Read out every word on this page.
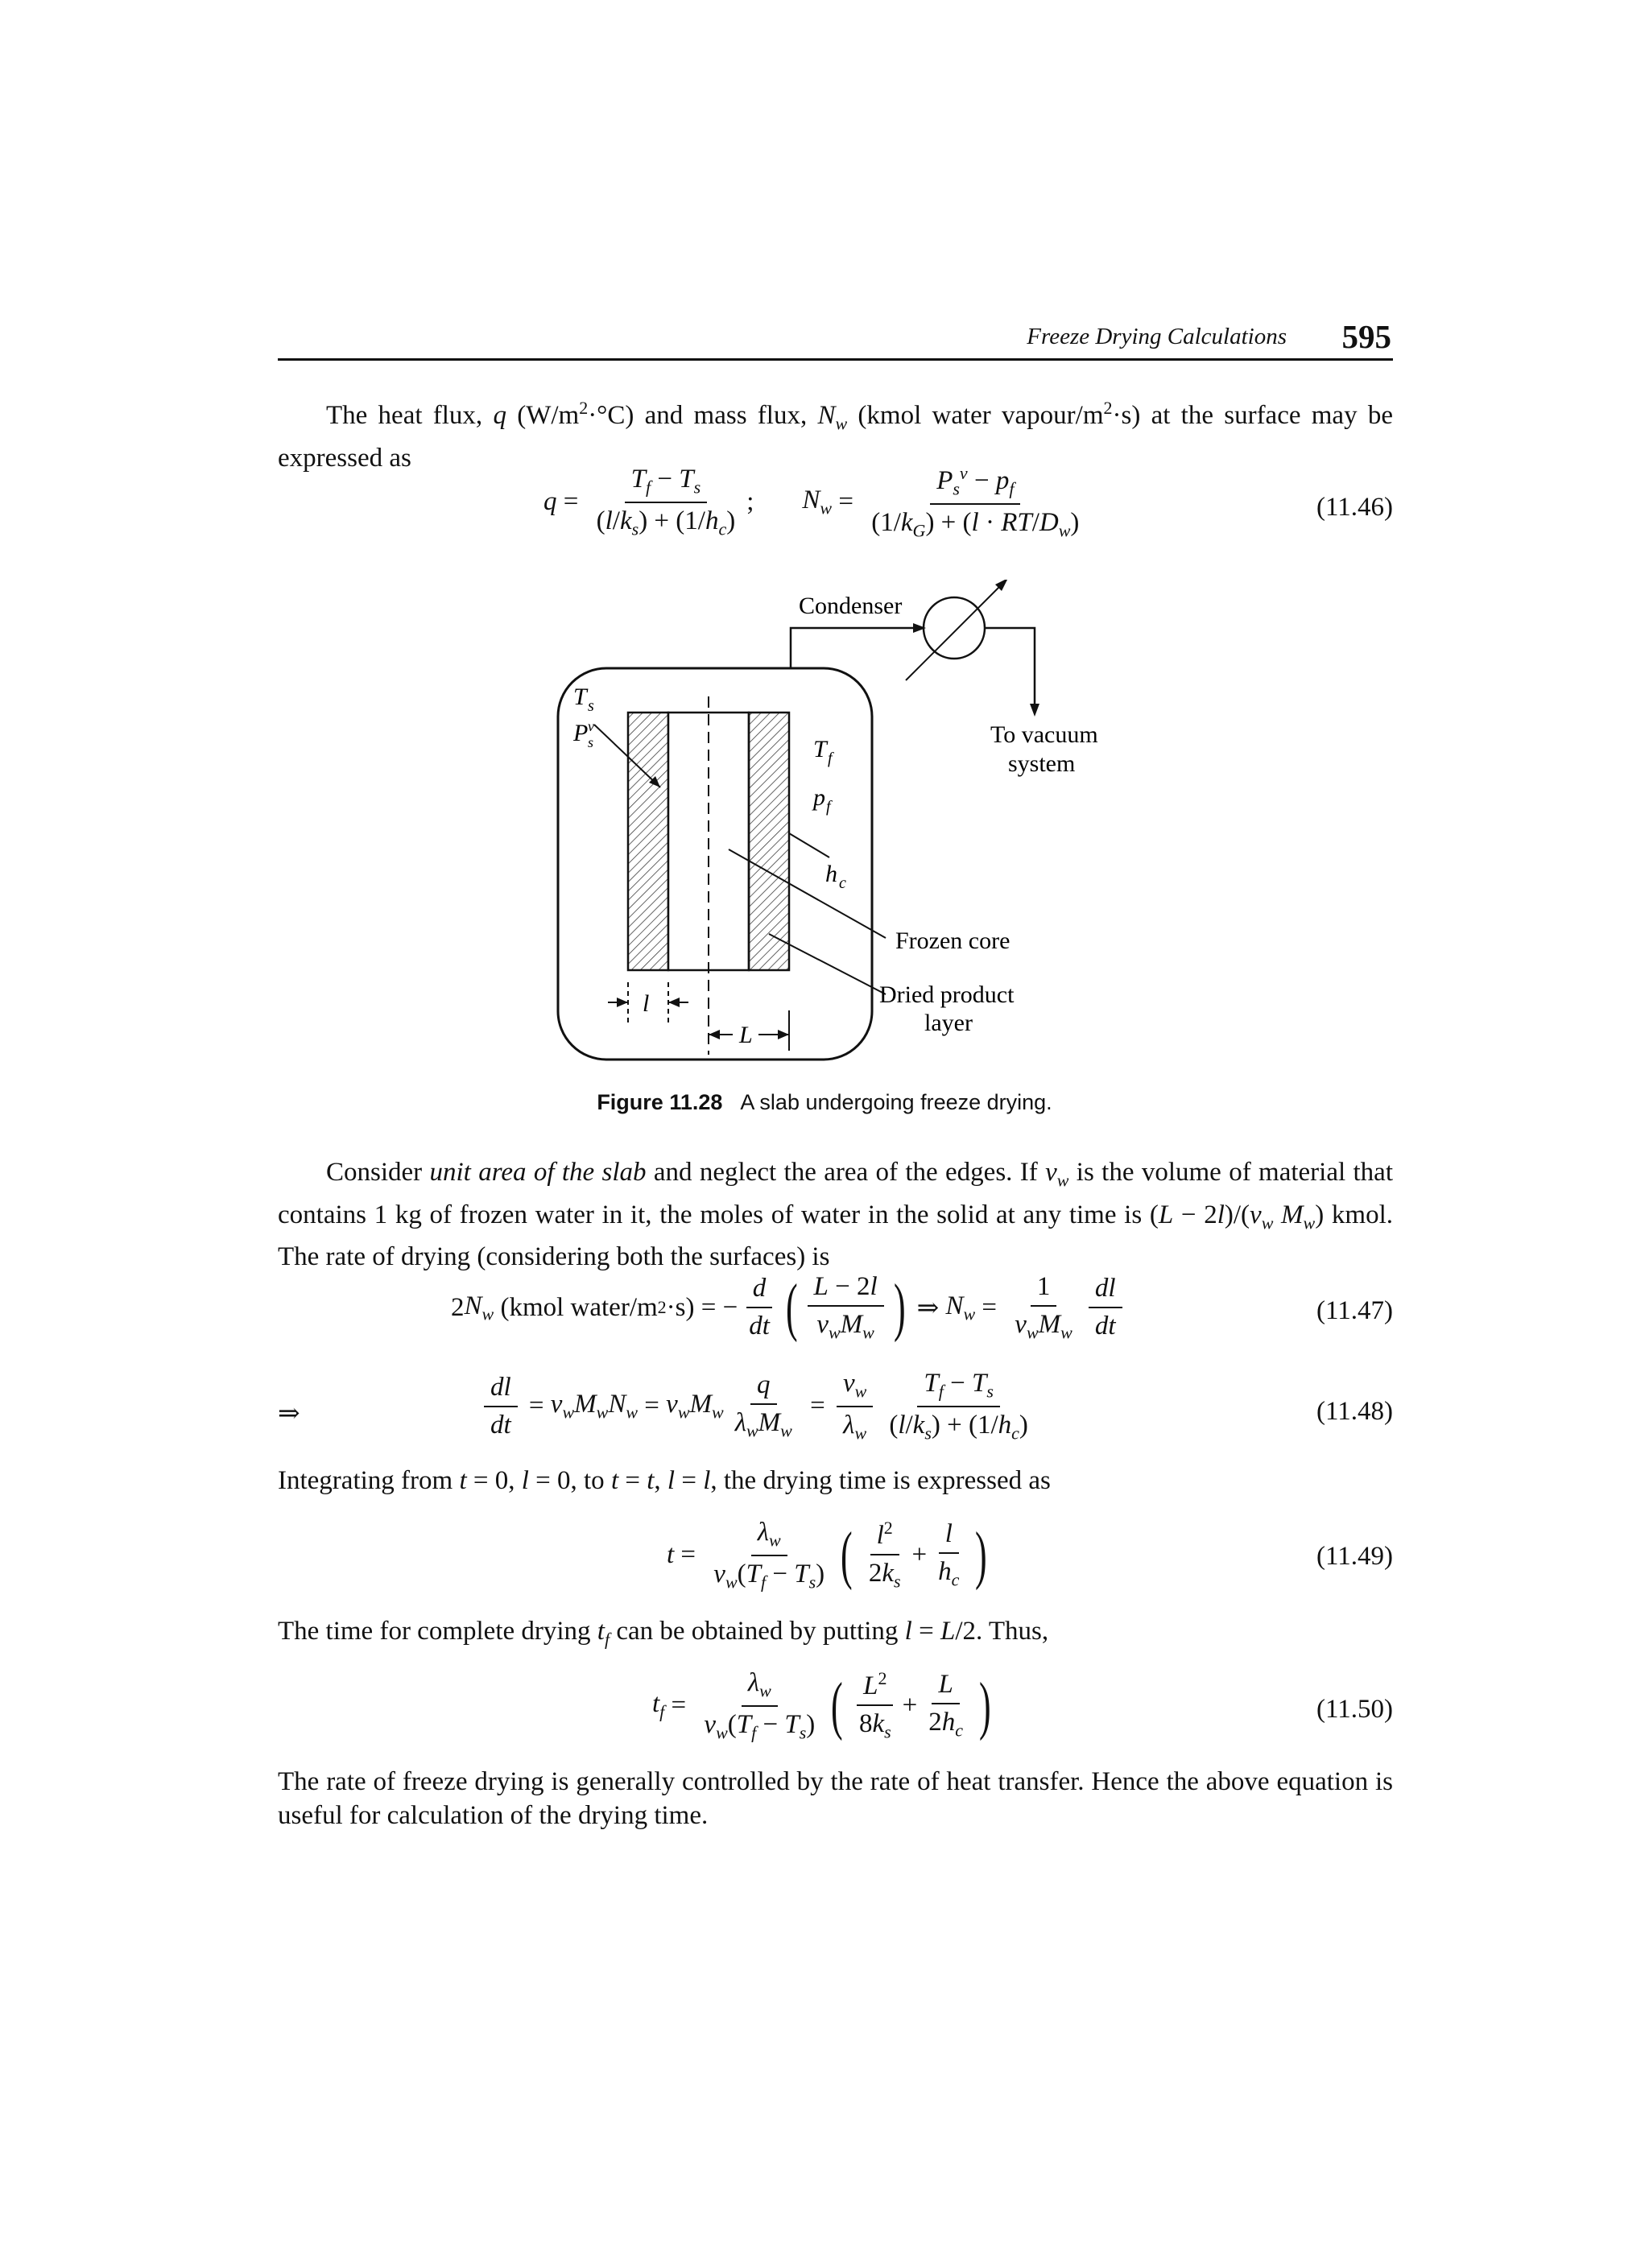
Freeze Drying Calculations 595
The heat flux, q $(W/m^2\cdot^\circ C)$ and mass flux, $N_w$ (kmol water vapour/$m^2\cdot s$) at the surface may be expressed as
$q = \frac{T_f - T_s}{(l/k_s) + (1/h_c)}$ ; $N_w = \frac{P_s^v - p_f}{(1/k_G) + (l \cdot RT/D_w)}$	(11.46)
T s
P v
s	T f
p f
h c
Frozen core
Dried product
layer
l
L
Condenser
To vacuum
system
Figure 11.28 A slab undergoing freeze drying.
Consider unit area of the slab and neglect the area of the edges. If $v_w$ is the volume of material that contains 1 kg of frozen water in it, the moles of water in the solid at any time is $(L - 2l)/(v_w$ $M_w$) kmol. The rate of drying (considering both the surfaces) is
2 $N_w$ (kmol water/m 2 ·s) = − $\frac{d}{dt}$ ( $\frac{L - 2l}{v_wM_w}$ ) ⇒ $N_w = \frac{1}{v_wM_w} \frac{dl}{dt}$	(11.47)
⇒	$\frac{dl}{dt} = v_wM_wN_w = v_wM_w \frac{q}{\lambda_wM_w} = \frac{v_w}{\lambda_w} \frac{T_f - T_s}{(l/k_s) + (1/h_c)}$	(11.48)
Integrating from t = 0, l = 0, to t = t, l = l, the drying time is expressed as
$t = \frac{\lambda_w}{v_w(T_f - T_s)}$ ( $\frac{l^2}{2k_s} + \frac{l}{h_c}$ )	(11.49)
The time for complete drying $t_f$ can be obtained by putting l = L/2. Thus,
$t_f = \frac{\lambda_w}{v_w(T_f - T_s)}$ ( $\frac{L^2}{8k_s} + \frac{L}{2h_c}$ )	(11.50)
The rate of freeze drying is generally controlled by the rate of heat transfer. Hence the above equation is useful for calculation of the drying time.
